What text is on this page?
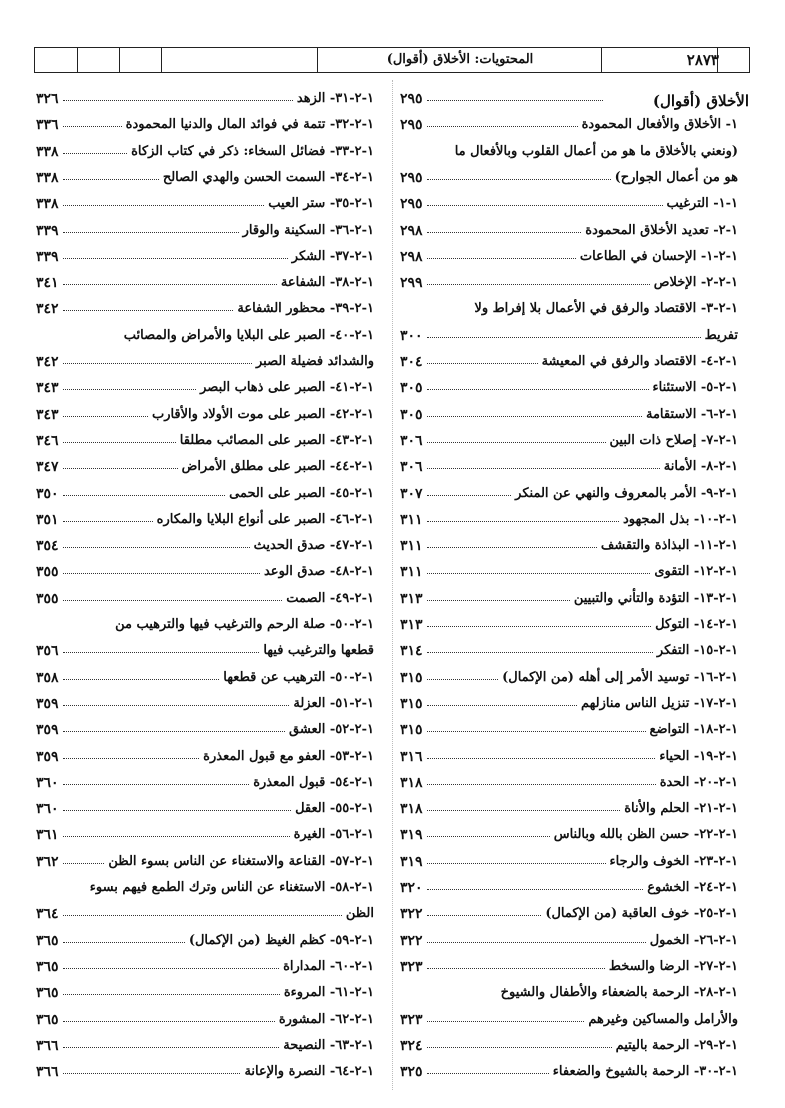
المحتويات: الأخلاق (أقوال)	٢٨٧٣
الأخلاق (أقوال)
٢٩٥
١- الأخلاق والأفعال المحمودة
٢٩٥
(ونعني بالأخلاق ما هو من أعمال القلوب وبالأفعال ما
هو من أعمال الجوارح)
٢٩٥
١-١- الترغيب
٢٩٥
١-٢- تعديد الأخلاق المحمودة
٢٩٨
١-٢-١- الإحسان في الطاعات
٢٩٨
١-٢-٢- الإخلاص
٢٩٩
١-٢-٣- الاقتصاد والرفق في الأعمال بلا إفراط ولا
تفريط
٣٠٠
١-٢-٤- الاقتصاد والرفق في المعيشة
٣٠٤
١-٢-٥- الاستئناء
٣٠٥
١-٢-٦- الاستقامة
٣٠٥
١-٢-٧- إصلاح ذات البين
٣٠٦
١-٢-٨- الأمانة
٣٠٦
١-٢-٩- الأمر بالمعروف والنهي عن المنكر
٣٠٧
١-٢-١٠- بذل المجهود
٣١١
١-٢-١١- البذاذة والتقشف
٣١١
١-٢-١٢- التقوى
٣١١
١-٢-١٣- التؤدة والتأني والتبيين
٣١٣
١-٢-١٤- التوكل
٣١٣
١-٢-١٥- التفكر
٣١٤
١-٢-١٦- توسيد الأمر إلى أهله (من الإكمال)
٣١٥
١-٢-١٧- تنزيل الناس منازلهم
٣١٥
١-٢-١٨- التواضع
٣١٥
١-٢-١٩- الحياء
٣١٦
١-٢-٢٠- الحدة
٣١٨
١-٢-٢١- الحلم والأناة
٣١٨
١-٢-٢٢- حسن الظن بالله وبالناس
٣١٩
١-٢-٢٣- الخوف والرجاء
٣١٩
١-٢-٢٤- الخشوع
٣٢٠
١-٢-٢٥- خوف العاقبة (من الإكمال)
٣٢٢
١-٢-٢٦- الخمول
٣٢٢
١-٢-٢٧- الرضا والسخط
٣٢٣
١-٢-٢٨- الرحمة بالضعفاء والأطفال والشيوخ
والأرامل والمساكين وغيرهم
٣٢٣
١-٢-٢٩- الرحمة باليتيم
٣٢٤
١-٢-٣٠- الرحمة بالشيوخ والضعفاء
٣٢٥
١-٢-٣١- الزهد
٣٢٦
١-٢-٣٢- تتمة في فوائد المال والدنيا المحمودة
٣٣٦
١-٢-٣٣- فضائل السخاء: ذكر في كتاب الزكاة
٣٣٨
١-٢-٣٤- السمت الحسن والهدي الصالح
٣٣٨
١-٢-٣٥- ستر العيب
٣٣٨
١-٢-٣٦- السكينة والوقار
٣٣٩
١-٢-٣٧- الشكر
٣٣٩
١-٢-٣٨- الشفاعة
٣٤١
١-٢-٣٩- محظور الشفاعة
٣٤٢
١-٢-٤٠- الصبر على البلايا والأمراض والمصائب
والشدائد فضيلة الصبر
٣٤٢
١-٢-٤١- الصبر على ذهاب البصر
٣٤٣
١-٢-٤٢- الصبر على موت الأولاد والأقارب
٣٤٣
١-٢-٤٣- الصبر على المصائب مطلقا
٣٤٦
١-٢-٤٤- الصبر على مطلق الأمراض
٣٤٧
١-٢-٤٥- الصبر على الحمى
٣٥٠
١-٢-٤٦- الصبر على أنواع البلايا والمكاره
٣٥١
١-٢-٤٧- صدق الحديث
٣٥٤
١-٢-٤٨- صدق الوعد
٣٥٥
١-٢-٤٩- الصمت
٣٥٥
١-٢-٥٠- صلة الرحم والترغيب فيها والترهيب من
قطعها والترغيب فيها
٣٥٦
١-٢-٥٠- الترهيب عن قطعها
٣٥٨
١-٢-٥١- العزلة
٣٥٩
١-٢-٥٢- العشق
٣٥٩
١-٢-٥٣- العفو مع قبول المعذرة
٣٥٩
١-٢-٥٤- قبول المعذرة
٣٦٠
١-٢-٥٥- العقل
٣٦٠
١-٢-٥٦- الغيرة
٣٦١
١-٢-٥٧- القناعة والاستغناء عن الناس بسوء الظن
٣٦٢
١-٢-٥٨- الاستغناء عن الناس وترك الطمع فيهم بسوء
الظن
٣٦٤
١-٢-٥٩- كظم الغيظ (من الإكمال)
٣٦٥
١-٢-٦٠- المداراة
٣٦٥
١-٢-٦١- المروءة
٣٦٥
١-٢-٦٢- المشورة
٣٦٥
١-٢-٦٣- النصيحة
٣٦٦
١-٢-٦٤- النصرة والإعانة
٣٦٦
